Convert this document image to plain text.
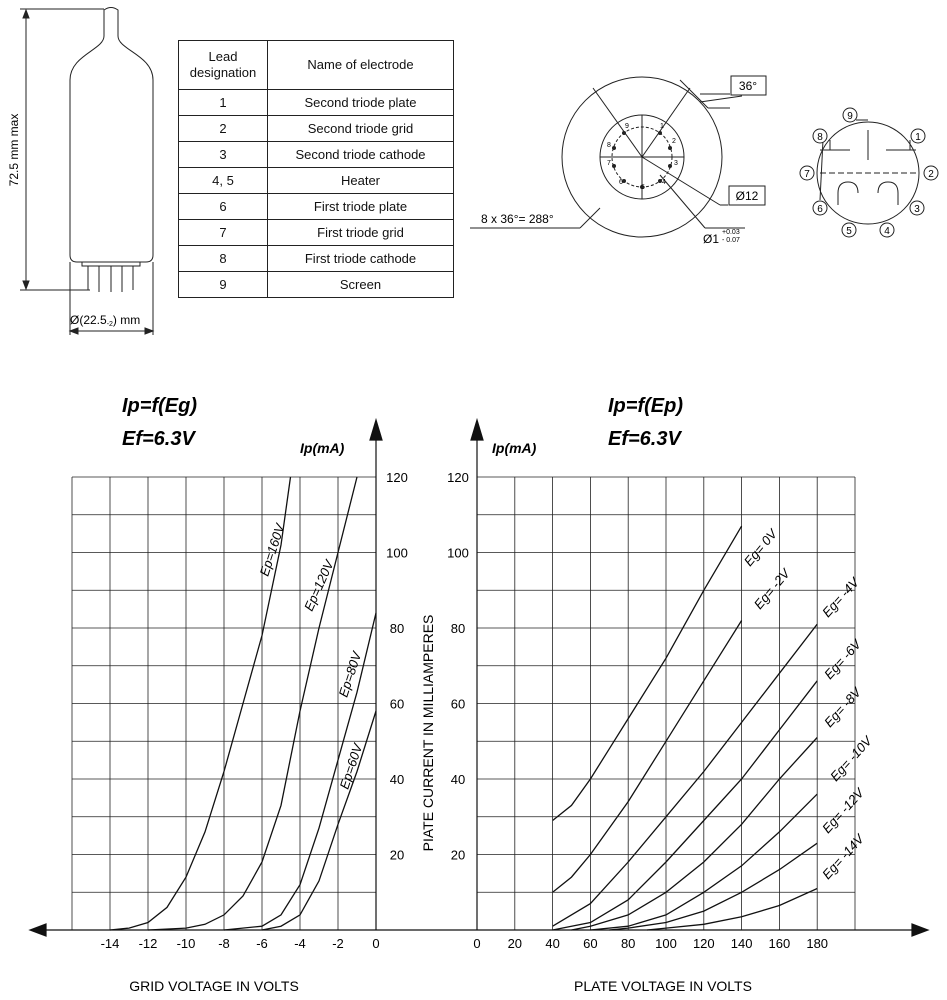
72.5 mm max
Ø(22.5-2) mm
36°
Ø12
8 x 36°= 288°
Ø1 +0.03
- 0.07
1
2
3
4
5
6
7
8
9
1
2
3
4
5
6
7
8
9
Lead designation	Name of electrode
1	Second triode plate
2	Second triode grid
3	Second triode cathode
4, 5	Heater
6	First triode plate
7	First triode grid
8	First triode cathode
9	Screen
-14 -12 -10 -8 -6 -4 -2 0
20
40
60
80
100
120
Ep=160V
Ep=120V
Ep=80V
Ep=60V
Ip=f(Eg)
Ef=6.3V	Ip(mA)
GRID VOLTAGE IN VOLTS
0 20 40 60 80 100 120 140 160 180
20
40
60
80
100
120
Eg= 0V
Eg= -2V Eg= -4V
Eg= -6V
Eg= -8V
Eg= -10V
Eg= -12V
Eg= -14V
Ip=f(Ep)
Ef=6.3V
Ip(mA)
PIATE CURRENT IN MILLIAMPERES
PLATE VOLTAGE IN VOLTS
